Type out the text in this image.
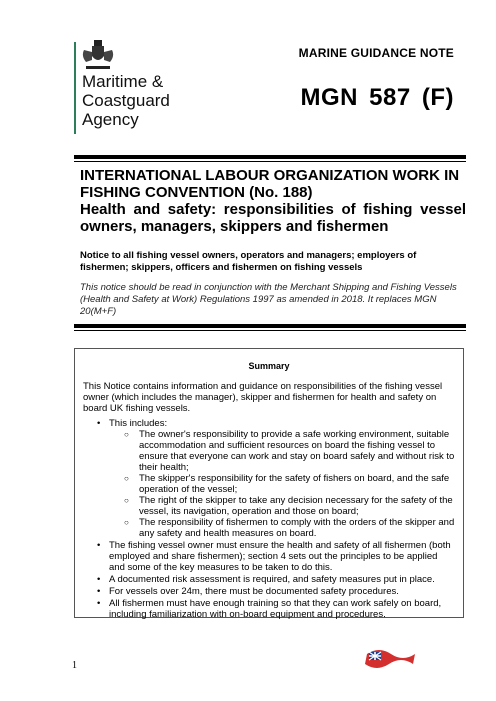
Maritime &
Coastguard
Agency
MARINE GUIDANCE NOTE
MGN 587 (F)

INTERNATIONAL LABOUR ORGANIZATION WORK IN FISHING CONVENTION (No. 188)

Health and safety: responsibilities of fishing vessel owners, managers, skippers and fishermen

Notice to all fishing vessel owners, operators and managers; employers of fishermen; skippers, officers and fishermen on fishing vessels
This notice should be read in conjunction with the Merchant Shipping and Fishing Vessels (Health and Safety at Work) Regulations 1997 as amended in 2018. It replaces MGN 20(M+F)
Summary

This Notice contains information and guidance on responsibilities of the fishing vessel owner (which includes the manager), skipper and fishermen for health and safety on board UK fishing vessels.

• This includes:
○ The owner's responsibility to provide a safe working environment, suitable accommodation and sufficient resources on board the fishing vessel to ensure that everyone can work and stay on board safely and without risk to their health;
○ The skipper's responsibility for the safety of fishers on board, and the safe operation of the vessel;
○ The right of the skipper to take any decision necessary for the safety of the vessel, its navigation, operation and those on board;
○ The responsibility of fishermen to comply with the orders of the skipper and any safety and health measures on board.
• The fishing vessel owner must ensure the health and safety of all fishermen (both employed and share fishermen); section 4 sets out the principles to be applied and some of the key measures to be taken to do this.
• A documented risk assessment is required, and safety measures put in place.
• For vessels over 24m, there must be documented safety procedures.
• All fishermen must have enough training so that they can work safely on board, including familiarization with on-board equipment and procedures.
1
